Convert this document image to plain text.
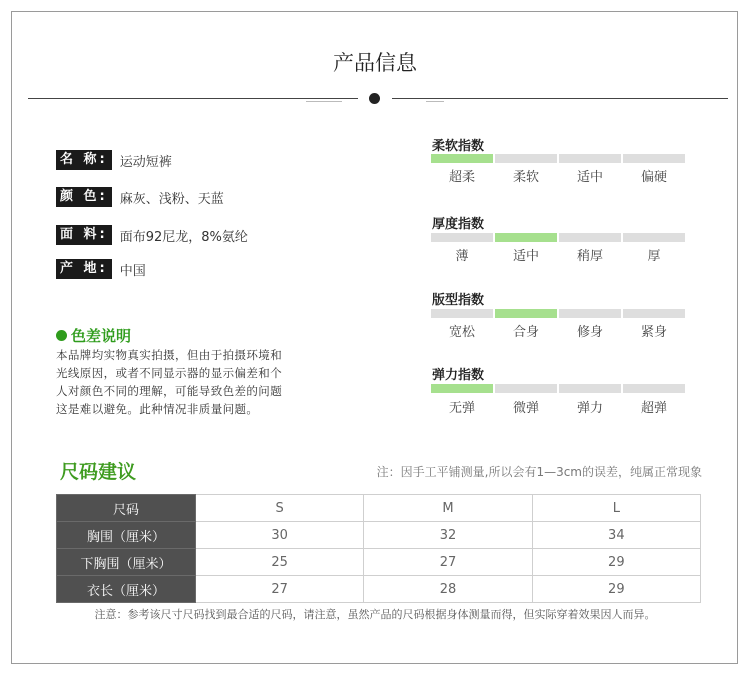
产品信息
名 称: 运动短裤
颜 色: 麻灰、浅粉、天蓝
面 料: 面布92尼龙，8%氨纶
产 地: 中国
色差说明
本品牌均实物真实拍摄，但由于拍摄环境和
光线原因，或者不同显示器的显示偏差和个
人对颜色不同的理解，可能导致色差的问题
这是难以避免。此种情况非质量问题。
柔软指数
超柔	柔软	适中	偏硬
厚度指数
薄	适中	稍厚	厚
版型指数
宽松	合身	修身	紧身
弹力指数
无弹	微弹	弹力	超弹
尺码建议	注：因手工平铺测量,所以会有1—3cm的误差，纯属正常现象
尺码	S	M	L
胸围（厘米）	30	32	34
下胸围（厘米）	25	27	29
衣长（厘米）	27	28	29
注意：参考该尺寸尺码找到最合适的尺码，请注意，虽然产品的尺码根据身体测量而得，但实际穿着效果因人而异。
